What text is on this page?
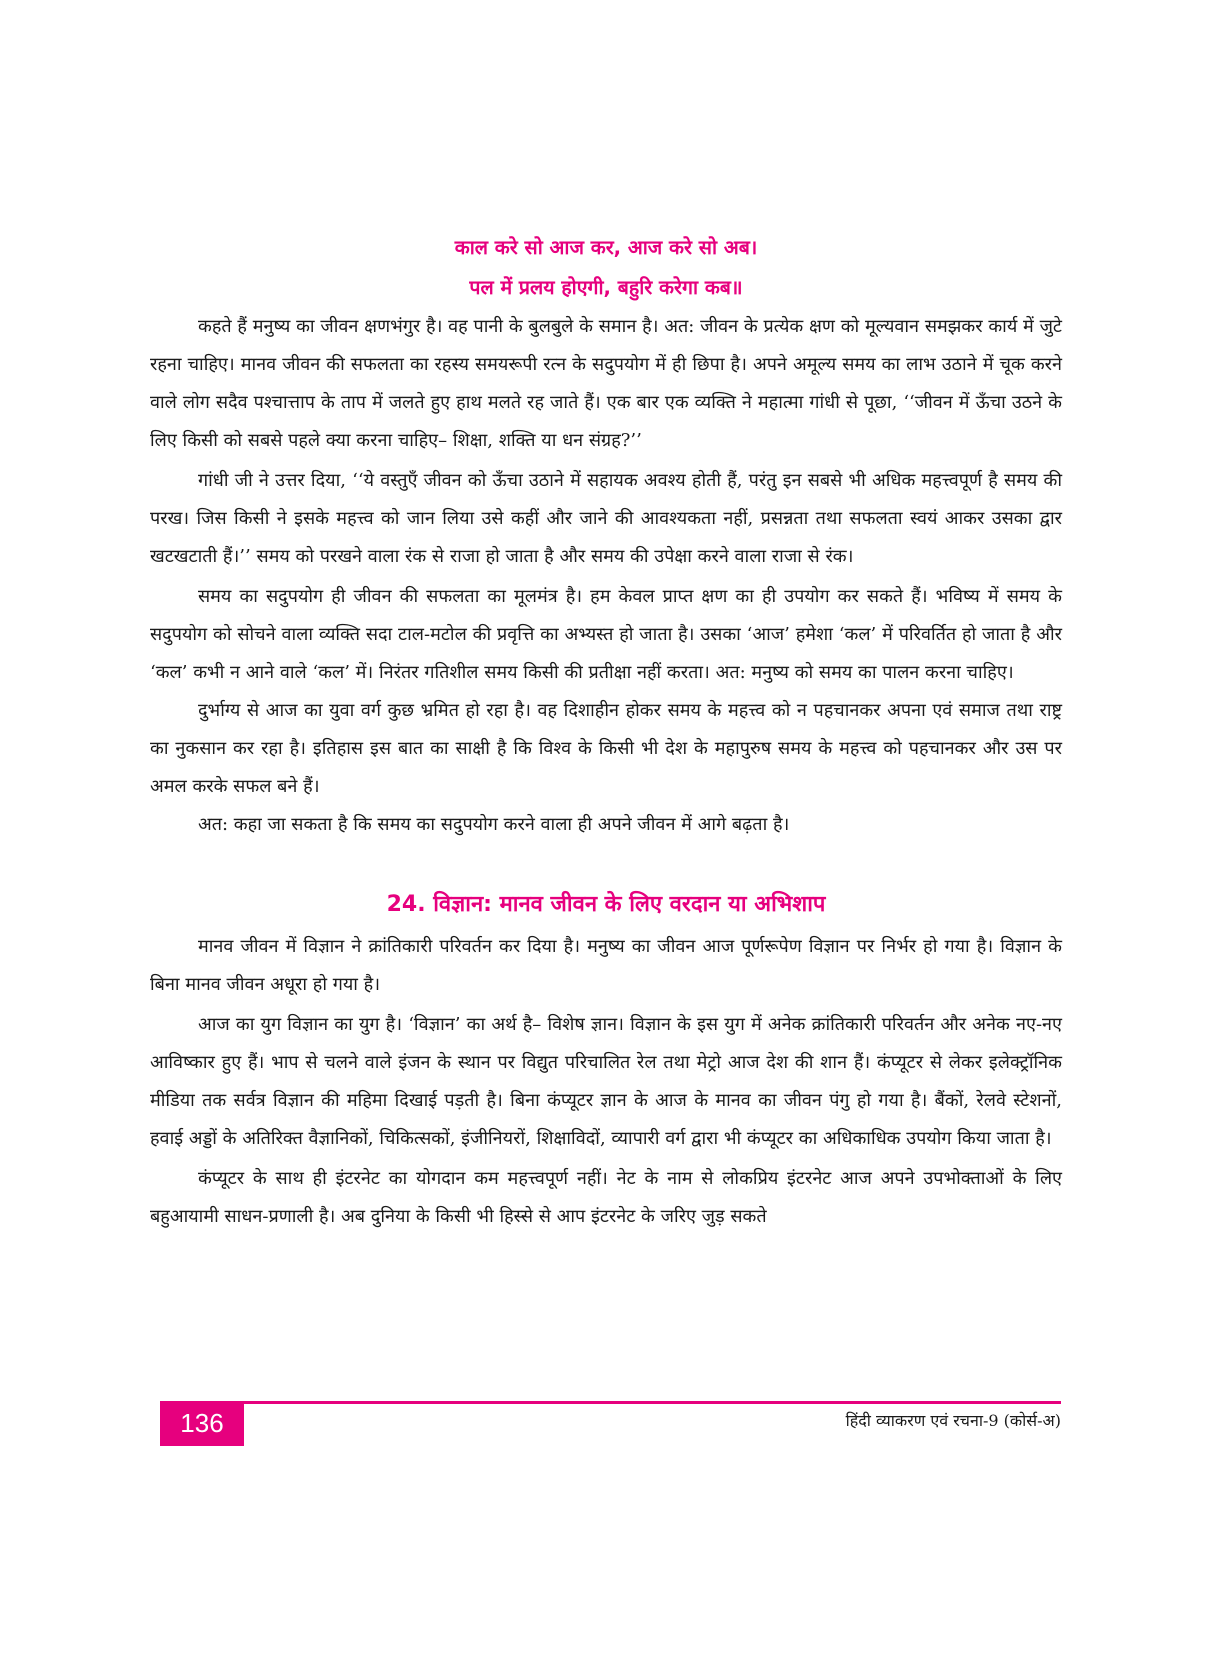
काल करे सो आज कर, आज करे सो अब।
पल में प्रलय होएगी, बहुरि करेगा कब॥

कहते हैं मनुष्य का जीवन क्षणभंगुर है। वह पानी के बुलबुले के समान है। अत: जीवन के प्रत्येक क्षण को मूल्यवान समझकर कार्य में जुटे रहना चाहिए। मानव जीवन की सफलता का रहस्य समयरूपी रत्न के सदुपयोग में ही छिपा है। अपने अमूल्य समय का लाभ उठाने में चूक करने वाले लोग सदैव पश्चात्ताप के ताप में जलते हुए हाथ मलते रह जाते हैं। एक बार एक व्यक्ति ने महात्मा गांधी से पूछा, ‘‘जीवन में ऊँचा उठने के लिए किसी को सबसे पहले क्या करना चाहिए– शिक्षा, शक्ति या धन संग्रह?’’

गांधी जी ने उत्तर दिया, ‘‘ये वस्तुएँ जीवन को ऊँचा उठाने में सहायक अवश्य होती हैं, परंतु इन सबसे भी अधिक महत्त्वपूर्ण है समय की परख। जिस किसी ने इसके महत्त्व को जान लिया उसे कहीं और जाने की आवश्यकता नहीं, प्रसन्नता तथा सफलता स्वयं आकर उसका द्वार खटखटाती हैं।’’ समय को परखने वाला रंक से राजा हो जाता है और समय की उपेक्षा करने वाला राजा से रंक।

समय का सदुपयोग ही जीवन की सफलता का मूलमंत्र है। हम केवल प्राप्त क्षण का ही उपयोग कर सकते हैं। भविष्य में समय के सदुपयोग को सोचने वाला व्यक्ति सदा टाल-मटोल की प्रवृत्ति का अभ्यस्त हो जाता है। उसका ‘आज’ हमेशा ‘कल’ में परिवर्तित हो जाता है और ‘कल’ कभी न आने वाले ‘कल’ में। निरंतर गतिशील समय किसी की प्रतीक्षा नहीं करता। अत: मनुष्य को समय का पालन करना चाहिए।

दुर्भाग्य से आज का युवा वर्ग कुछ भ्रमित हो रहा है। वह दिशाहीन होकर समय के महत्त्व को न पहचानकर अपना एवं समाज तथा राष्ट्र का नुकसान कर रहा है। इतिहास इस बात का साक्षी है कि विश्व के किसी भी देश के महापुरुष समय के महत्त्व को पहचानकर और उस पर अमल करके सफल बने हैं।

अत: कहा जा सकता है कि समय का सदुपयोग करने वाला ही अपने जीवन में आगे बढ़ता है।

24. विज्ञान: मानव जीवन के लिए वरदान या अभिशाप

मानव जीवन में विज्ञान ने क्रांतिकारी परिवर्तन कर दिया है। मनुष्य का जीवन आज पूर्णरूपेण विज्ञान पर निर्भर हो गया है। विज्ञान के बिना मानव जीवन अधूरा हो गया है।

आज का युग विज्ञान का युग है। ‘विज्ञान’ का अर्थ है– विशेष ज्ञान। विज्ञान के इस युग में अनेक क्रांतिकारी परिवर्तन और अनेक नए-नए आविष्कार हुए हैं। भाप से चलने वाले इंजन के स्थान पर विद्युत परिचालित रेल तथा मेट्रो आज देश की शान हैं। कंप्यूटर से लेकर इलेक्ट्रॉनिक मीडिया तक सर्वत्र विज्ञान की महिमा दिखाई पड़ती है। बिना कंप्यूटर ज्ञान के आज के मानव का जीवन पंगु हो गया है। बैंकों, रेलवे स्टेशनों, हवाई अड्डों के अतिरिक्त वैज्ञानिकों, चिकित्सकों, इंजीनियरों, शिक्षाविदों, व्यापारी वर्ग द्वारा भी कंप्यूटर का अधिकाधिक उपयोग किया जाता है।

कंप्यूटर के साथ ही इंटरनेट का योगदान कम महत्त्वपूर्ण नहीं। नेट के नाम से लोकप्रिय इंटरनेट आज अपने उपभोक्ताओं के लिए बहुआयामी साधन-प्रणाली है। अब दुनिया के किसी भी हिस्से से आप इंटरनेट के जरिए जुड़ सकते

136	हिंदी व्याकरण एवं रचना-9 (कोर्स-अ)
